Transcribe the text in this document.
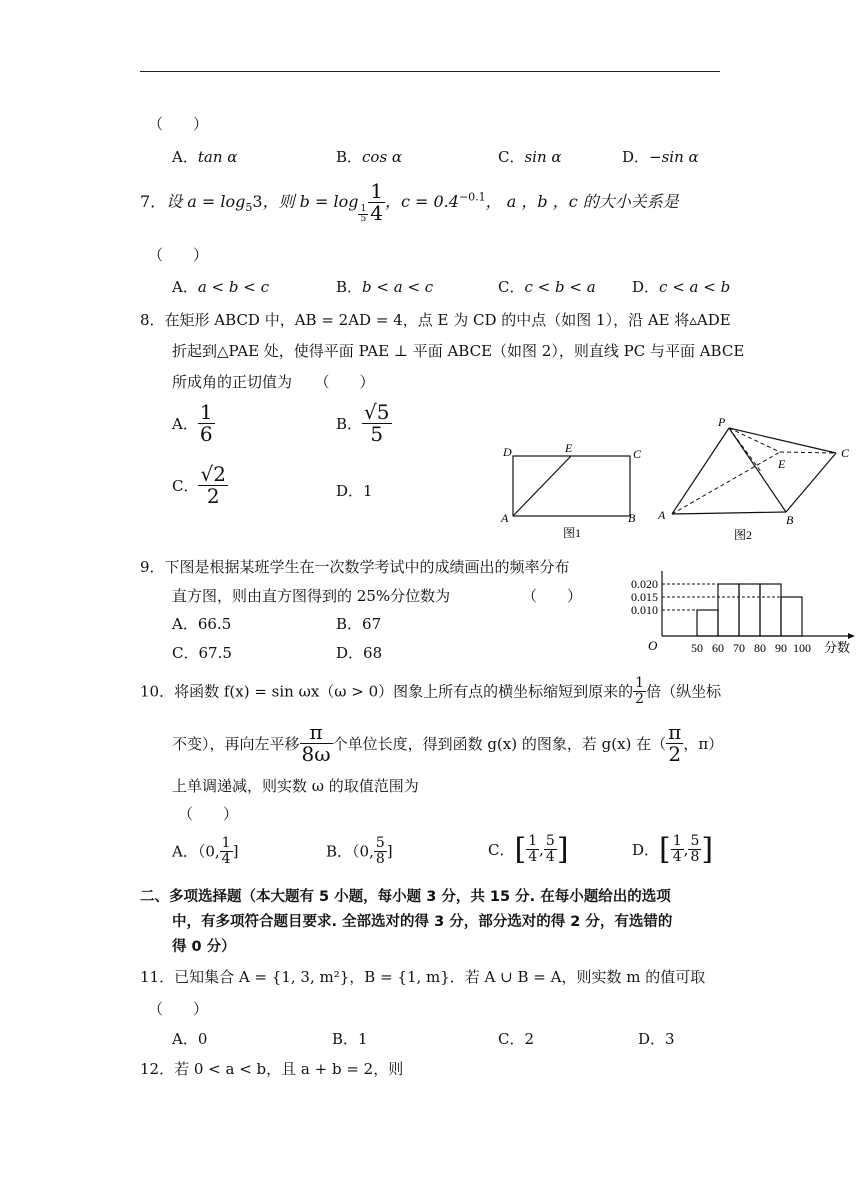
（　　）
A．tan α	B．cos α	C．sin α	D．−sin α
7．设 $a = \log_53$，则 b = log
$\frac{1}{5} \frac{1}{4}$ ，$c = 0.4^{-0.1}$， a ，b ，c 的大小关系是
（　　）
A．a < b < c	B．b < a < c	C．c < b < a D．c < a < b
8．在矩形 ABCD 中，AB = 2AD = 4，点 E 为 CD 的中点（如图 1），沿 AE 将▵ADE
折起到△PAE 处，使得平面 PAE ⊥ 平面 ABCE（如图 2），则直线 PC 与平面 ABCE
所成角的正切值为　　（　　）
A． $\frac{1}{6}$	B． $\frac{√5}{5}$
C． $\frac{√2}{2}$	D．1
D	E	C
A	B
图1
P
E
C
A	B
图2
9．下图是根据某班学生在一次数学考试中的成绩画出的频率分布
直方图，则由直方图得到的 25%分位数为	（　　）
A．66.5	B．67
C．67.5	D．68
0.010
0.015
0.020
50 60 70 80 90 100
O	分数
10．将函数 f(x) = sin ωx（ω > 0）图象上所有点的横坐标缩短到原来的 $\frac{1}{2}$ 倍（纵坐标
不变），再向左平移 $\frac{\pi}{8\omega}$ 个单位长度，得到函数 g(x) 的图象，若 g(x) 在（ $\frac{\pi}{2}$ ，π）
上单调递减，则实数 ω 的取值范围为
（　　）
A．（0, $\frac{1}{4}$ ]	B．（0, $\frac{5}{8}$ ]	C．[ $\frac{1}{4}$ , $\frac{5}{4}$ ]	D．[ $\frac{1}{4}$ , $\frac{5}{8}$ ]
二、多项选择题（本大题有 5 小题，每小题 3 分，共 15 分. 在每小题给出的选项
中，有多项符合题目要求. 全部选对的得 3 分，部分选对的得 2 分，有选错的
得 0 分）
11．已知集合 A = {1, 3, m²}，B = {1, m}．若 A ∪ B = A，则实数 m 的值可取
（　　）
A．0	B．1	C．2	D．3
12．若 0 < a < b，且 a + b = 2，则
